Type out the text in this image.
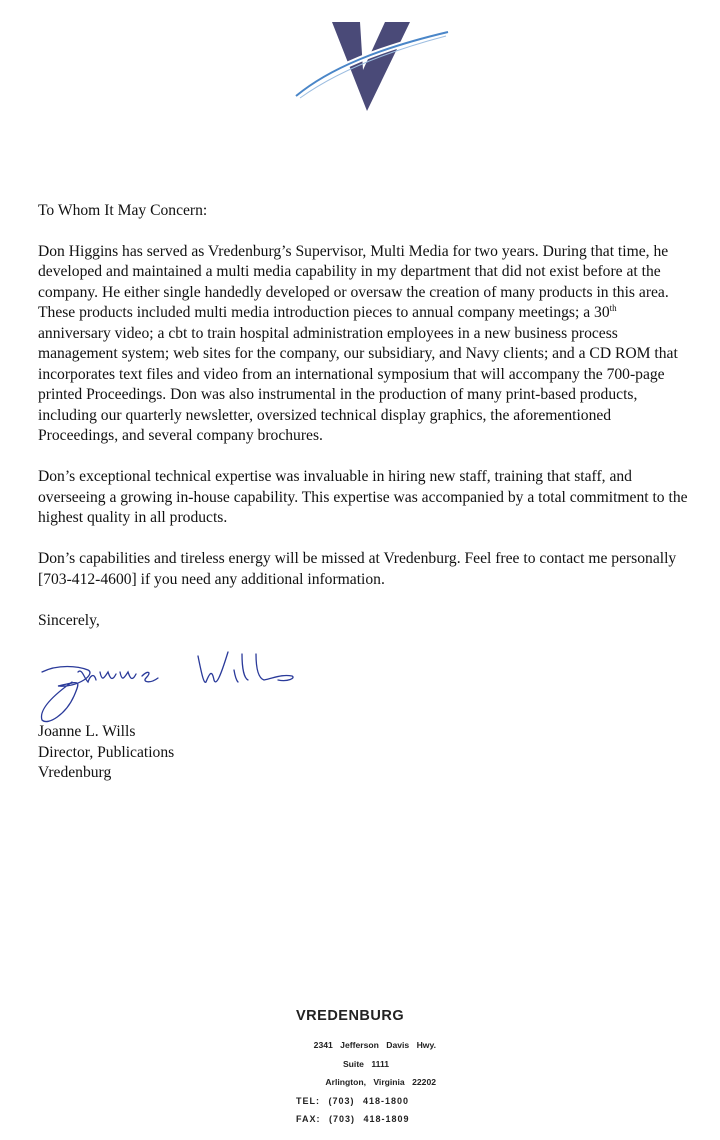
To Whom It May Concern:

Don Higgins has served as Vredenburg’s Supervisor, Multi Media for two years. During that time, he developed and maintained a multi media capability in my department that did not exist before at the company. He either single handedly developed or oversaw the creation of many products in this area. These products included multi media introduction pieces to annual company meetings; a 30th anniversary video; a cbt to train hospital administration employees in a new business process management system; web sites for the company, our subsidiary, and Navy clients; and a CD ROM that incorporates text files and video from an international symposium that will accompany the 700-page printed Proceedings. Don was also instrumental in the production of many print-based products, including our quarterly newsletter, oversized technical display graphics, the aforementioned Proceedings, and several company brochures.

Don’s exceptional technical expertise was invaluable in hiring new staff, training that staff, and overseeing a growing in-house capability. This expertise was accompanied by a total commitment to the highest quality in all products.

Don’s capabilities and tireless energy will be missed at Vredenburg. Feel free to contact me personally [703-412-4600] if you need any additional information.

Sincerely,

Joanne L. Wills
Director, Publications
Vredenburg
VREDENBURG
2341 Jefferson Davis Hwy.
Suite 1111
Arlington, Virginia 22202
TEL: (703) 418-1800
FAX: (703) 418-1809
